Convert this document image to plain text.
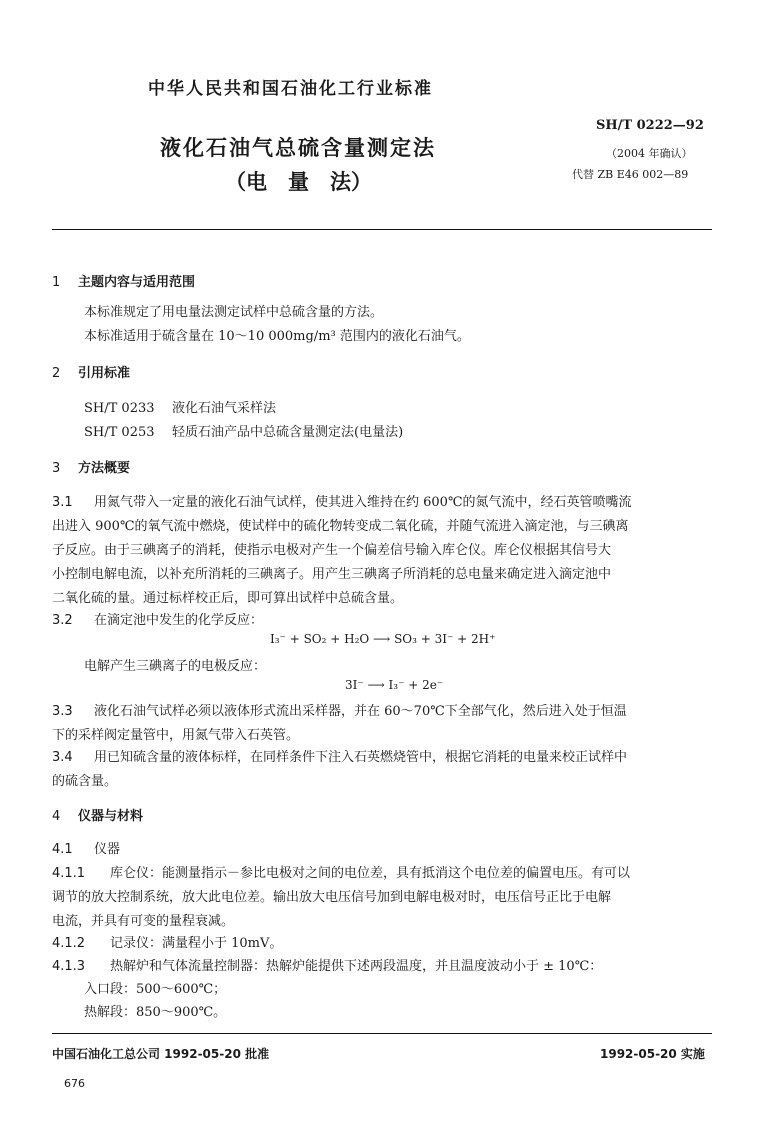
中华人民共和国石油化工行业标准
液化石油气总硫含量测定法
（电　量　法）
SH/T 0222—92
（2004 年确认）
代替 ZB E46 002—89
1 主题内容与适用范围
本标准规定了用电量法测定试样中总硫含量的方法。
本标准适用于硫含量在 10～10 000mg/m³ 范围内的液化石油气。
2 引用标准
SH/T 0233 液化石油气采样法
SH/T 0253 轻质石油产品中总硫含量测定法(电量法)
3 方法概要
3.1 用氮气带入一定量的液化石油气试样，使其进入维持在约 600℃的氮气流中，经石英管喷嘴流
出进入 900℃的氧气流中燃烧，使试样中的硫化物转变成二氧化硫，并随气流进入滴定池，与三碘离
子反应。由于三碘离子的消耗，使指示电极对产生一个偏差信号输入库仑仪。库仑仪根据其信号大
小控制电解电流，以补充所消耗的三碘离子。用产生三碘离子所消耗的总电量来确定进入滴定池中
二氧化硫的量。通过标样校正后，即可算出试样中总硫含量。
3.2 在滴定池中发生的化学反应：
I₃⁻ + SO₂ + H₂O ⟶ SO₃ + 3I⁻ + 2H⁺
电解产生三碘离子的电极反应：
3I⁻ ⟶ I₃⁻ + 2e⁻
3.3 液化石油气试样必须以液体形式流出采样器，并在 60～70℃下全部气化，然后进入处于恒温
下的采样阀定量管中，用氮气带入石英管。
3.4 用已知硫含量的液体标样，在同样条件下注入石英燃烧管中，根据它消耗的电量来校正试样中
的硫含量。
4 仪器与材料
4.1 仪器
4.1.1 库仑仪：能测量指示－参比电极对之间的电位差，具有抵消这个电位差的偏置电压。有可以
调节的放大控制系统，放大此电位差。输出放大电压信号加到电解电极对时，电压信号正比于电解
电流，并具有可变的量程衰减。
4.1.2 记录仪：满量程小于 10mV。
4.1.3 热解炉和气体流量控制器：热解炉能提供下述两段温度，并且温度波动小于 ± 10℃：
入口段：500～600℃；
热解段：850～900℃。
中国石油化工总公司 1992-05-20 批准	1992-05-20 实施
676
